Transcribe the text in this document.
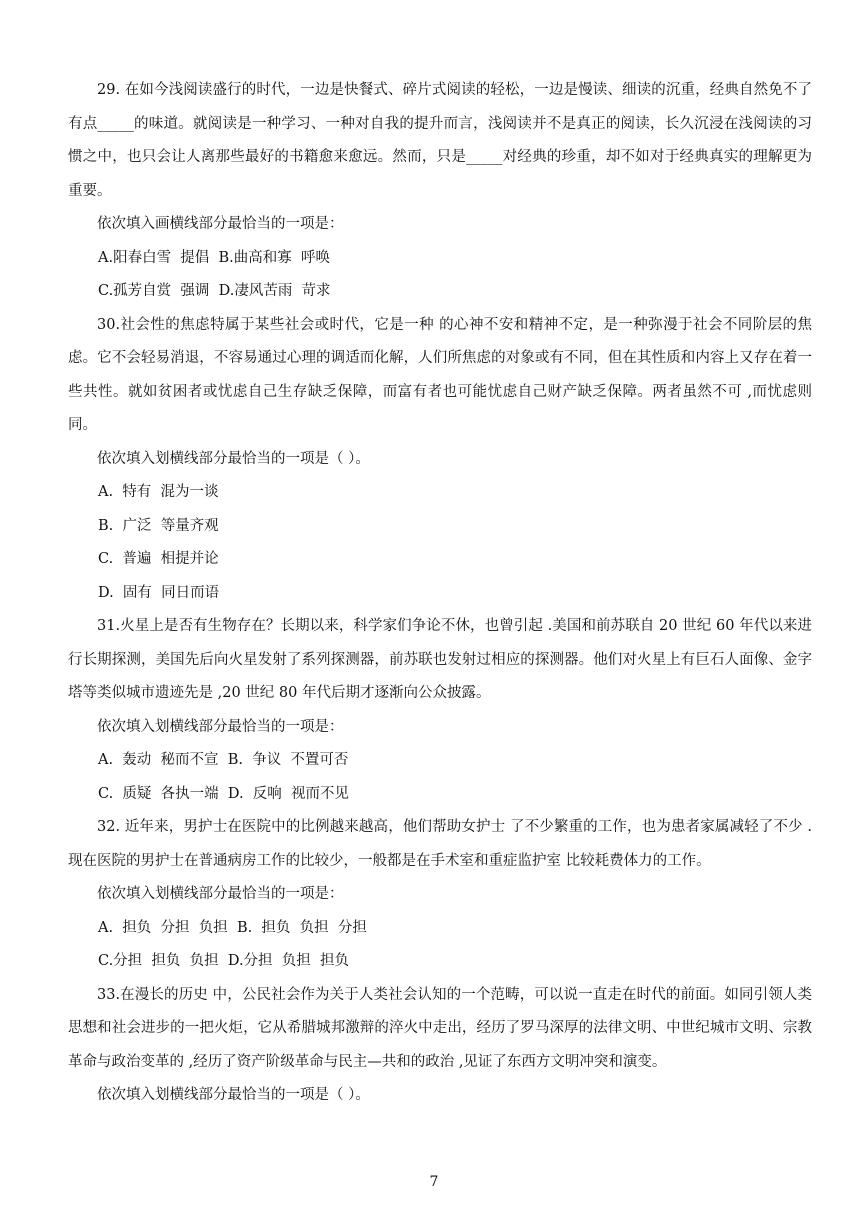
29. 在如今浅阅读盛行的时代，一边是快餐式、碎片式阅读的轻松，一边是慢读、细读的沉重，经典自然免不了有点_____的味道。就阅读是一种学习、一种对自我的提升而言，浅阅读并不是真正的阅读，长久沉浸在浅阅读的习惯之中，也只会让人离那些最好的书籍愈来愈远。然而，只是_____对经典的珍重，却不如对于经典真实的理解更为重要。

依次填入画横线部分最恰当的一项是：

A.阳春白雪  提倡  B.曲高和寡  呼唤

C.孤芳自赏  强调  D.凄风苦雨  苛求

30.社会性的焦虑特属于某些社会或时代，它是一种 的心神不安和精神不定，是一种弥漫于社会不同阶层的焦虑。它不会轻易消退，不容易通过心理的调适而化解，人们所焦虑的对象或有不同，但在其性质和内容上又存在着一些共性。就如贫困者或忧虑自己生存缺乏保障，而富有者也可能忧虑自己财产缺乏保障。两者虽然不可 ,而忧虑则同。

依次填入划横线部分最恰当的一项是（ ）。

A.  特有  混为一谈

B.  广泛  等量齐观

C.  普遍  相提并论

D.  固有  同日而语

31.火星上是否有生物存在？长期以来，科学家们争论不休，也曾引起 .美国和前苏联自 20 世纪 60 年代以来进行长期探测，美国先后向火星发射了系列探测器，前苏联也发射过相应的探测器。他们对火星上有巨石人面像、金字塔等类似城市遗迹先是 ,20 世纪 80 年代后期才逐渐向公众披露。

依次填入划横线部分最恰当的一项是：

A.  轰动  秘而不宣  B.  争议  不置可否

C.  质疑  各执一端  D.  反响  视而不见

32. 近年来，男护士在医院中的比例越来越高，他们帮助女护士 了不少繁重的工作，也为患者家属减轻了不少 .现在医院的男护士在普通病房工作的比较少，一般都是在手术室和重症监护室 比较耗费体力的工作。

依次填入划横线部分最恰当的一项是：

A.  担负  分担  负担  B.  担负  负担  分担

C.分担  担负  负担  D.分担  负担  担负

33.在漫长的历史 中，公民社会作为关于人类社会认知的一个范畴，可以说一直走在时代的前面。如同引领人类思想和社会进步的一把火炬，它从希腊城邦激辩的淬火中走出，经历了罗马深厚的法律文明、中世纪城市文明、宗教革命与政治变革的 ,经历了资产阶级革命与民主—共和的政治 ,见证了东西方文明冲突和演变。

依次填入划横线部分最恰当的一项是（ ）。

7
